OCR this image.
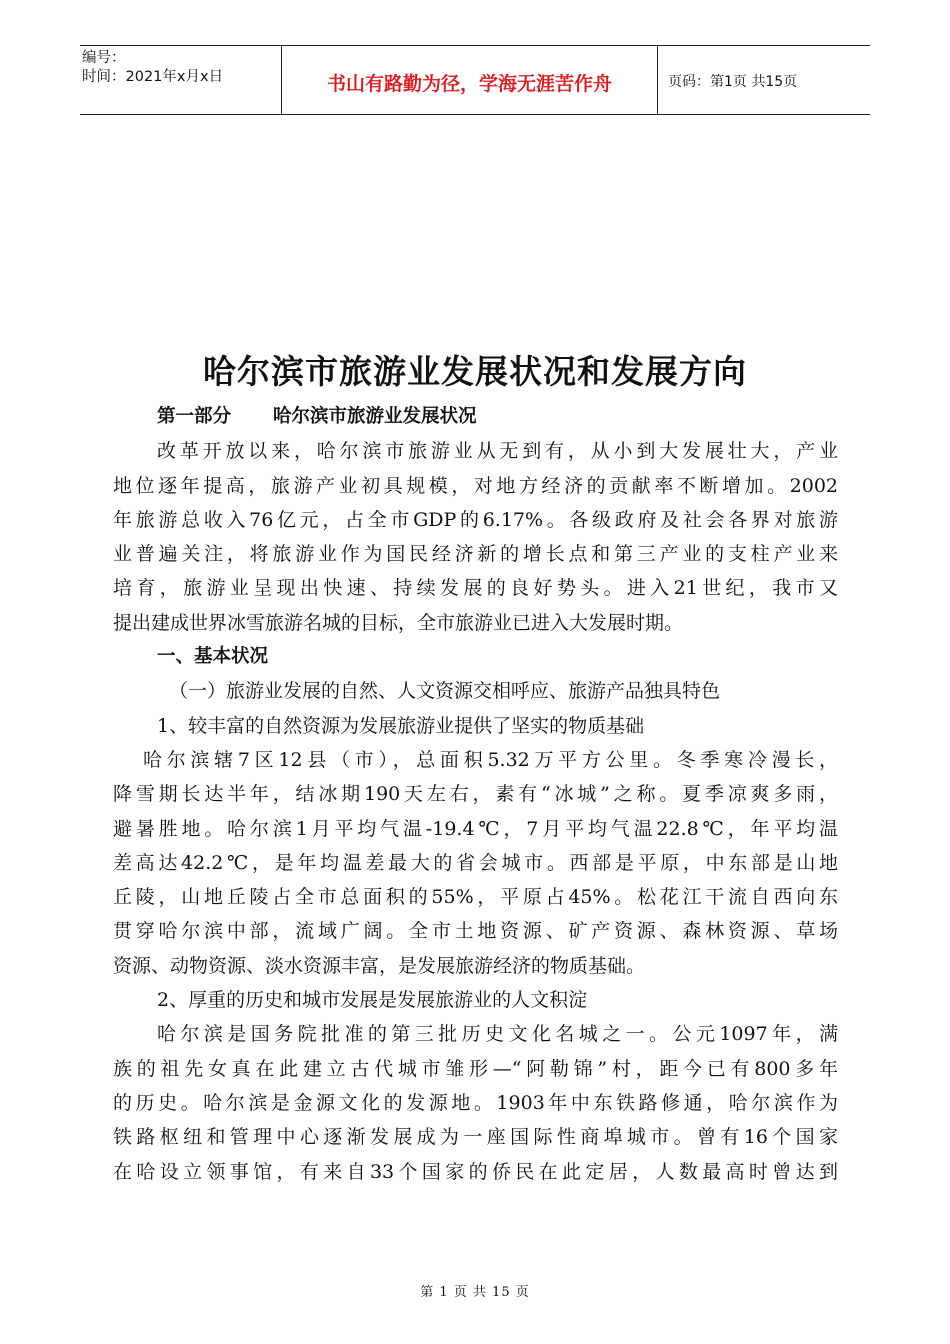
编号：
时间：2021年x月x日	书山有路勤为径，学海无涯苦作舟	页码：第1页 共15页
哈尔滨市旅游业发展状况和发展方向
第一部分 哈尔滨市旅游业发展状况
改革开放以来，哈尔滨市旅游业从无到有，从小到大发展壮大，产业
地位逐年提高，旅游产业初具规模，对地方经济的贡献率不断增加。2002
年旅游总收入76亿元，占全市GDP的6.17%。各级政府及社会各界对旅游
业普遍关注，将旅游业作为国民经济新的增长点和第三产业的支柱产业来
培育，旅游业呈现出快速、持续发展的良好势头。进入21世纪，我市又
提出建成世界冰雪旅游名城的目标，全市旅游业已进入大发展时期。
一、基本状况
（一）旅游业发展的自然、人文资源交相呼应、旅游产品独具特色
1、较丰富的自然资源为发展旅游业提供了坚实的物质基础
哈尔滨辖7区12县（市），总面积5.32万平方公里。冬季寒冷漫长，
降雪期长达半年，结冰期190天左右，素有“冰城”之称。夏季凉爽多雨，
避暑胜地。哈尔滨1月平均气温-19.4℃，7月平均气温22.8℃，年平均温
差高达42.2℃，是年均温差最大的省会城市。西部是平原，中东部是山地
丘陵，山地丘陵占全市总面积的55%，平原占45%。松花江干流自西向东
贯穿哈尔滨中部，流域广阔。全市土地资源、矿产资源、森林资源、草场
资源、动物资源、淡水资源丰富，是发展旅游经济的物质基础。
2、厚重的历史和城市发展是发展旅游业的人文积淀
哈尔滨是国务院批准的第三批历史文化名城之一。公元1097年，满
族的祖先女真在此建立古代城市雏形—“阿勒锦”村，距今已有800多年
的历史。哈尔滨是金源文化的发源地。1903年中东铁路修通，哈尔滨作为
铁路枢纽和管理中心逐渐发展成为一座国际性商埠城市。曾有16个国家
在哈设立领事馆，有来自33个国家的侨民在此定居，人数最高时曾达到
第 1 页 共 15 页
